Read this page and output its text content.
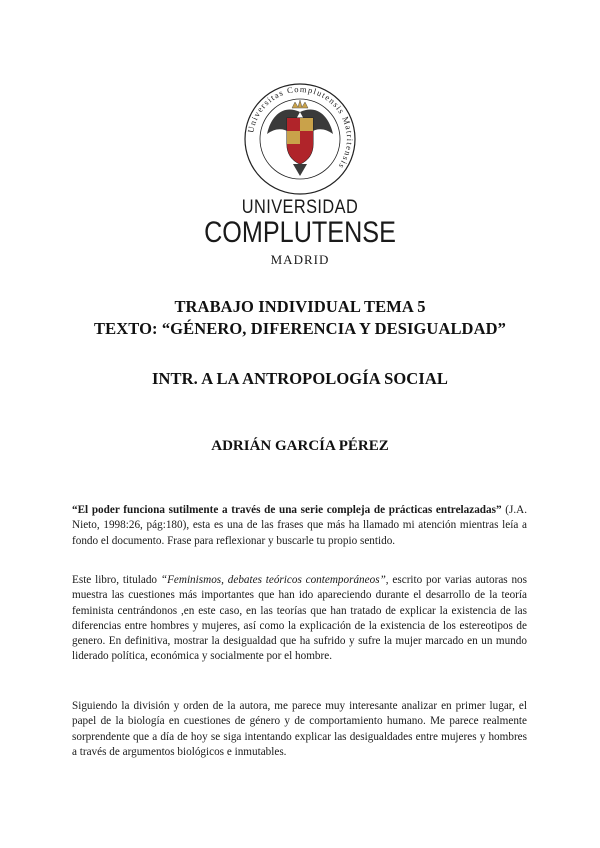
Universitas Complutensis Matritensis
UNIVERSIDAD
COMPLUTENSE
MADRID
TRABAJO INDIVIDUAL TEMA 5
TEXTO: “GÉNERO, DIFERENCIA Y DESIGUALDAD”
INTR. A LA ANTROPOLOGÍA SOCIAL
ADRIÁN GARCÍA PÉREZ

“El poder funciona sutilmente a través de una serie compleja de prácticas entrelazadas” (J.A. Nieto, 1998:26, pág:180), esta es una de las frases que más ha llamado mi atención mientras leía a fondo el documento. Frase para reflexionar y buscarle tu propio sentido.

Este libro, titulado “Feminismos, debates teóricos contemporáneos”, escrito por varias autoras nos muestra las cuestiones más importantes que han ido apareciendo durante el desarrollo de la teoría feminista centrándonos ,en este caso, en las teorías que han tratado de explicar la existencia de las diferencias entre hombres y mujeres, así como la explicación de la existencia de los estereotipos de genero. En definitiva, mostrar la desigualdad que ha sufrido y sufre la mujer marcado en un mundo liderado política, económica y socialmente por el hombre.

Siguiendo la división y orden de la autora, me parece muy interesante analizar en primer lugar, el papel de la biología en cuestiones de género y de comportamiento humano. Me parece realmente sorprendente que a día de hoy se siga intentando explicar las desigualdades entre mujeres y hombres a través de argumentos biológicos e inmutables.
